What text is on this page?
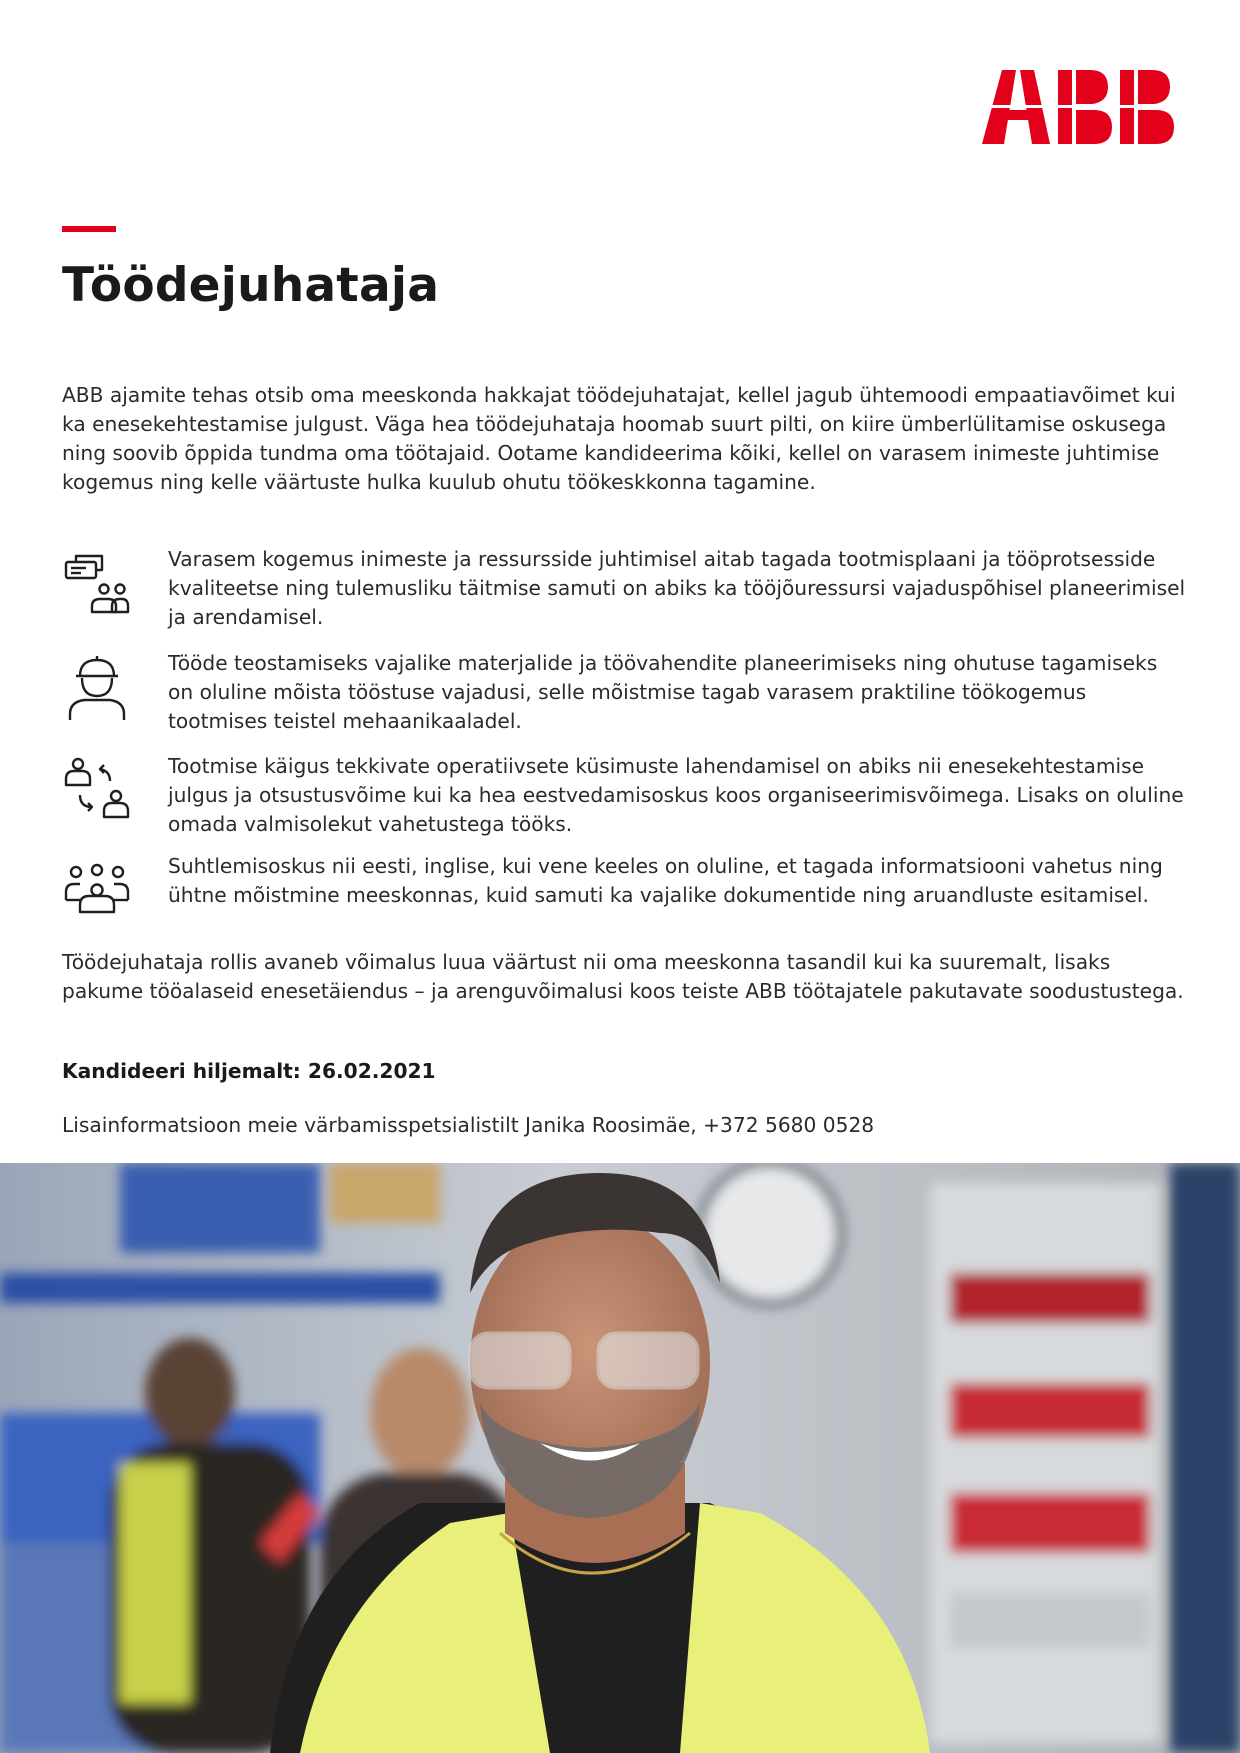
Töödejuhataja

ABB ajamite tehas otsib oma meeskonda hakkajat töödejuhatajat, kellel jagub ühtemoodi empaatiavõimet kui ka enesekehtestamise julgust. Väga hea töödejuhataja hoomab suurt pilti, on kiire ümberlülitamise oskusega ning soovib õppida tundma oma töötajaid. Ootame kandideerima kõiki, kellel on varasem inimeste juhtimise kogemus ning kelle väärtuste hulka kuulub ohutu töökeskkonna tagamine.

Varasem kogemus inimeste ja ressursside juhtimisel aitab tagada tootmisplaani ja tööprotsesside kvaliteetse ning tulemusliku täitmise samuti on abiks ka tööjõuressursi vajaduspõhisel planeerimisel ja arendamisel.

Tööde teostamiseks vajalike materjalide ja töövahendite planeerimiseks ning ohutuse tagamiseks on oluline mõista tööstuse vajadusi, selle mõistmise tagab varasem praktiline töökogemus tootmises teistel mehaanikaaladel.

Tootmise käigus tekkivate operatiivsete küsimuste lahendamisel on abiks nii enesekehtestamise julgus ja otsustusvõime kui ka hea eestvedamisoskus koos organiseerimisvõimega. Lisaks on oluline omada valmisolekut vahetustega tööks.

Suhtlemisoskus nii eesti, inglise, kui vene keeles on oluline, et tagada informatsiooni vahetus ning ühtne mõistmine meeskonnas, kuid samuti ka vajalike dokumentide ning aruandluste esitamisel.

Töödejuhataja rollis avaneb võimalus luua väärtust nii oma meeskonna tasandil kui ka suuremalt, lisaks pakume tööalaseid enesetäiendus – ja arenguvõimalusi koos teiste ABB töötajatele pakutavate soodustustega.

Kandideeri hiljemalt: 26.02.2021

Lisainformatsioon meie värbamisspetsialistilt Janika Roosimäe, +372 5680 0528
